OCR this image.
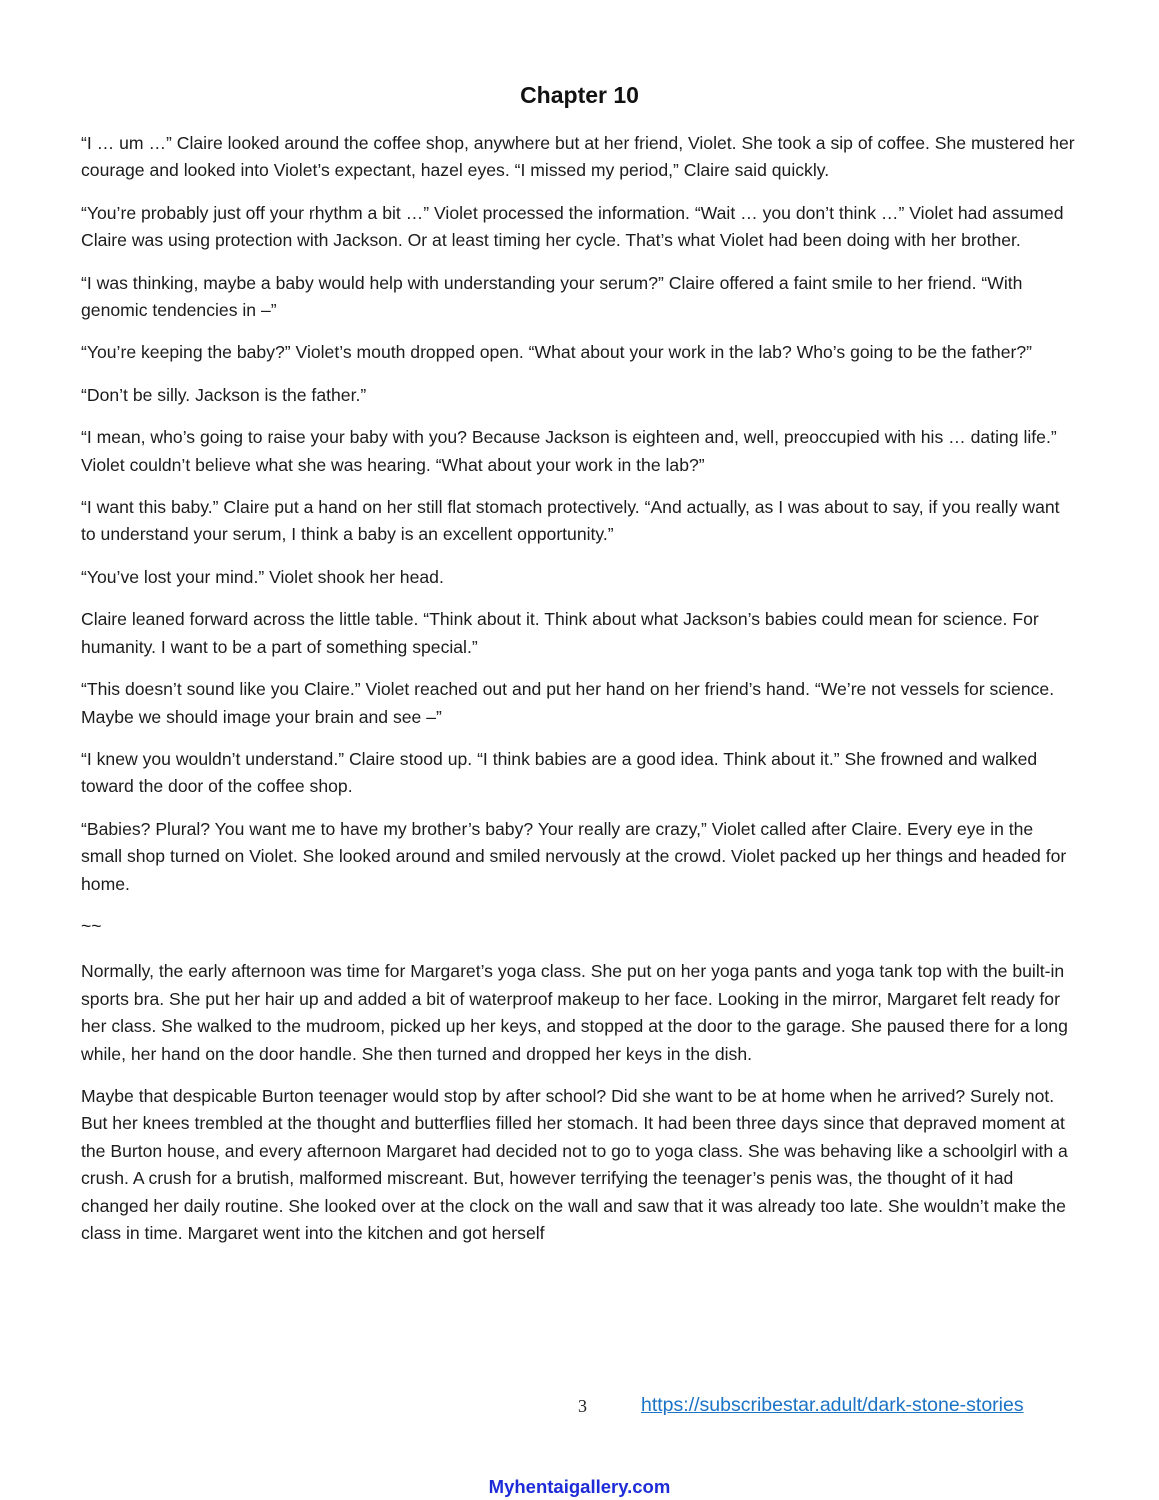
Chapter 10

“I … um …” Claire looked around the coffee shop, anywhere but at her friend, Violet. She took a sip of coffee. She mustered her courage and looked into Violet’s expectant, hazel eyes. “I missed my period,” Claire said quickly.

“You’re probably just off your rhythm a bit …” Violet processed the information. “Wait … you don’t think …” Violet had assumed Claire was using protection with Jackson. Or at least timing her cycle. That’s what Violet had been doing with her brother.

“I was thinking, maybe a baby would help with understanding your serum?” Claire offered a faint smile to her friend. “With genomic tendencies in –”

“You’re keeping the baby?” Violet’s mouth dropped open. “What about your work in the lab? Who’s going to be the father?”

“Don’t be silly. Jackson is the father.”

“I mean, who’s going to raise your baby with you? Because Jackson is eighteen and, well, preoccupied with his … dating life.” Violet couldn’t believe what she was hearing. “What about your work in the lab?”

“I want this baby.” Claire put a hand on her still flat stomach protectively. “And actually, as I was about to say, if you really want to understand your serum, I think a baby is an excellent opportunity.”

“You’ve lost your mind.” Violet shook her head.

Claire leaned forward across the little table. “Think about it. Think about what Jackson’s babies could mean for science. For humanity. I want to be a part of something special.”

“This doesn’t sound like you Claire.” Violet reached out and put her hand on her friend’s hand. “We’re not vessels for science. Maybe we should image your brain and see –”

“I knew you wouldn’t understand.” Claire stood up. “I think babies are a good idea. Think about it.” She frowned and walked toward the door of the coffee shop.

“Babies? Plural? You want me to have my brother’s baby? Your really are crazy,” Violet called after Claire. Every eye in the small shop turned on Violet. She looked around and smiled nervously at the crowd. Violet packed up her things and headed for home.

~~

Normally, the early afternoon was time for Margaret’s yoga class. She put on her yoga pants and yoga tank top with the built-in sports bra. She put her hair up and added a bit of waterproof makeup to her face. Looking in the mirror, Margaret felt ready for her class. She walked to the mudroom, picked up her keys, and stopped at the door to the garage. She paused there for a long while, her hand on the door handle. She then turned and dropped her keys in the dish.

Maybe that despicable Burton teenager would stop by after school? Did she want to be at home when he arrived? Surely not. But her knees trembled at the thought and butterflies filled her stomach. It had been three days since that depraved moment at the Burton house, and every afternoon Margaret had decided not to go to yoga class. She was behaving like a schoolgirl with a crush. A crush for a brutish, malformed miscreant. But, however terrifying the teenager’s penis was, the thought of it had changed her daily routine. She looked over at the clock on the wall and saw that it was already too late. She wouldn’t make the class in time. Margaret went into the kitchen and got herself

3	https://subscribestar.adult/dark-stone-stories
Myhentaigallery.com
